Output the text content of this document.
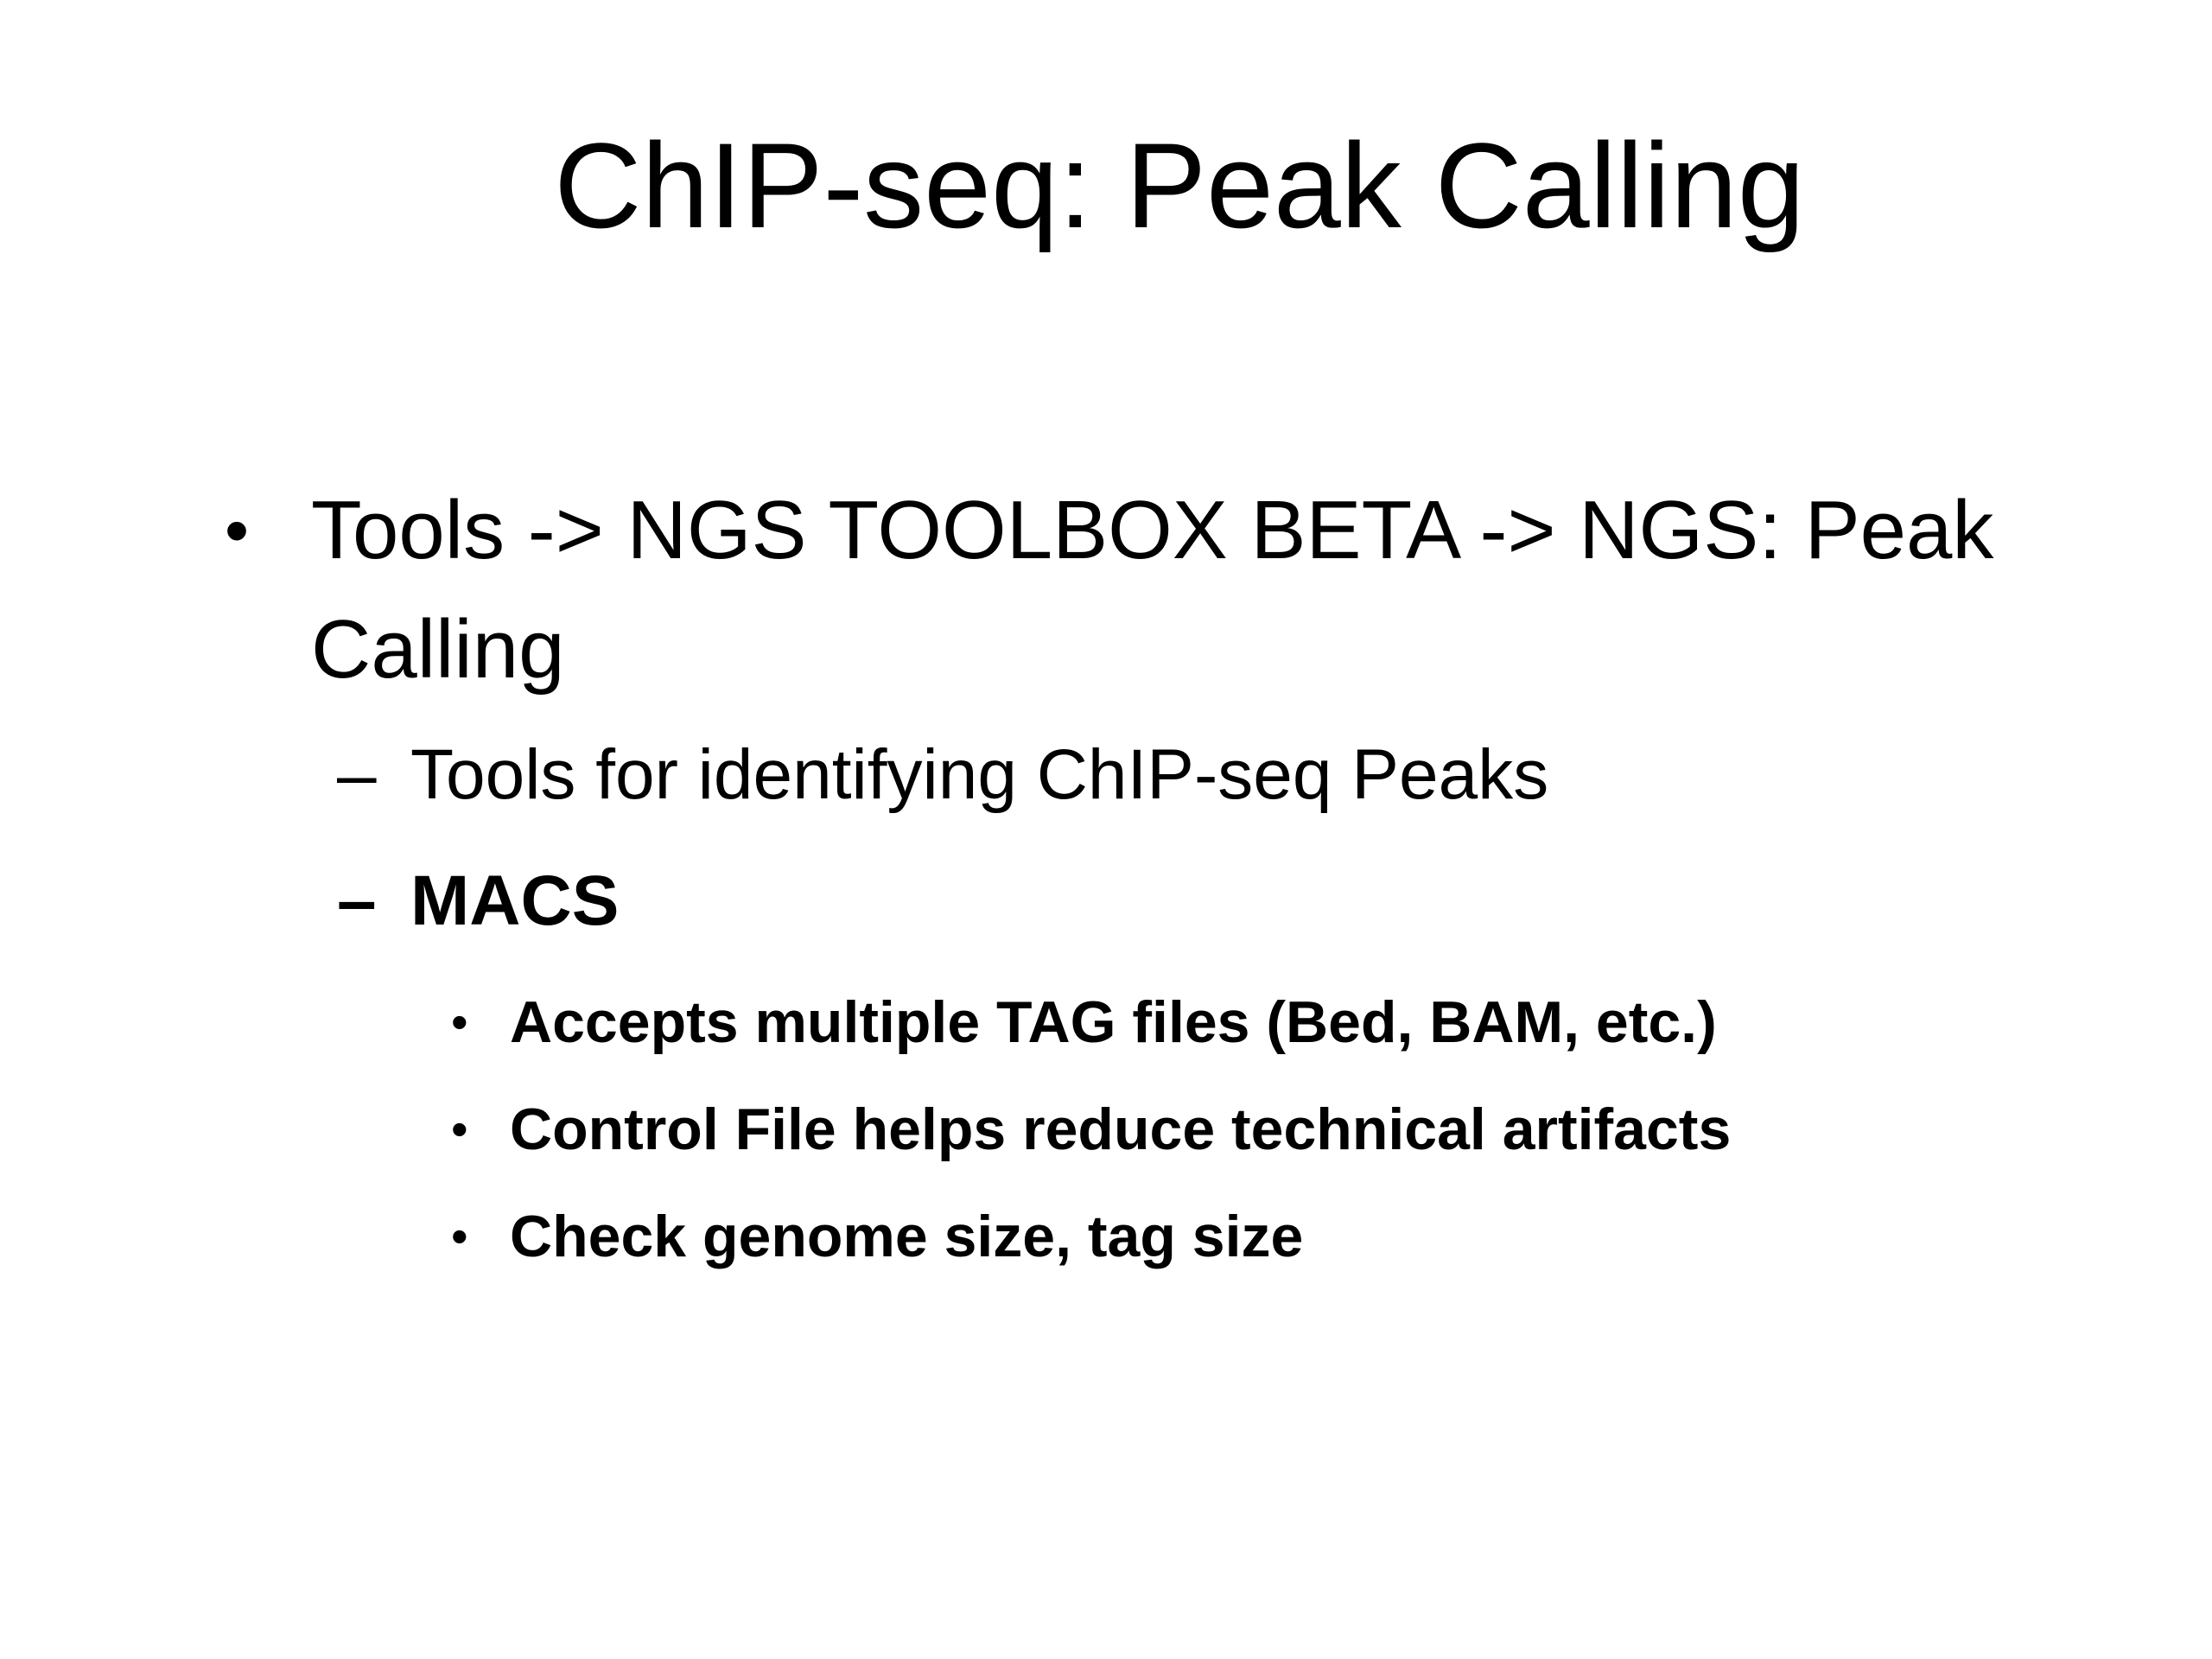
ChIP-seq: Peak Calling
• Tools -> NGS TOOLBOX BETA -> NGS: Peak Calling
– Tools for identifying ChIP-seq Peaks
– MACS
• Accepts multiple TAG files (Bed, BAM, etc.)
• Control File helps reduce technical artifacts
• Check genome size, tag size
